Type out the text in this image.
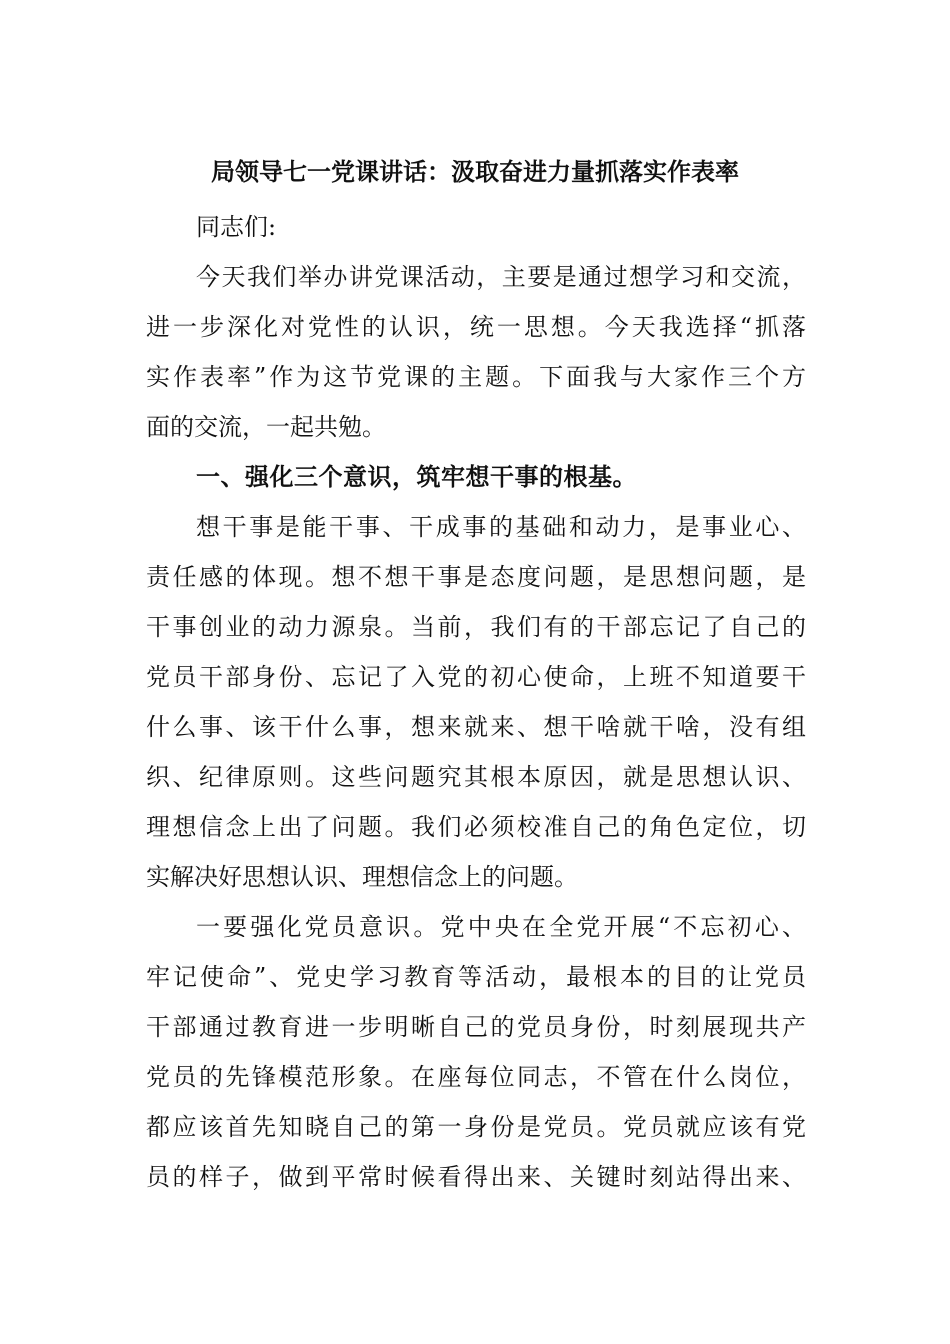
局领导七一党课讲话：汲取奋进力量抓落实作表率
同志们:
今天我们举办讲党课活动，主要是通过想学习和交流，
进一步深化对党性的认识，统一思想。今天我选择“抓落
实作表率”作为这节党课的主题。下面我与大家作三个方
面的交流，一起共勉。
一、强化三个意识，筑牢想干事的根基。
想干事是能干事、干成事的基础和动力，是事业心、
责任感的体现。想不想干事是态度问题，是思想问题，是
干事创业的动力源泉。当前，我们有的干部忘记了自己的
党员干部身份、忘记了入党的初心使命，上班不知道要干
什么事、该干什么事，想来就来、想干啥就干啥，没有组
织、纪律原则。这些问题究其根本原因，就是思想认识、
理想信念上出了问题。我们必须校准自己的角色定位，切
实解决好思想认识、理想信念上的问题。
一要强化党员意识。党中央在全党开展“不忘初心、
牢记使命”、党史学习教育等活动，最根本的目的让党员
干部通过教育进一步明晰自己的党员身份，时刻展现共产
党员的先锋模范形象。在座每位同志，不管在什么岗位，
都应该首先知晓自己的第一身份是党员。党员就应该有党
员的样子，做到平常时候看得出来、关键时刻站得出来、
